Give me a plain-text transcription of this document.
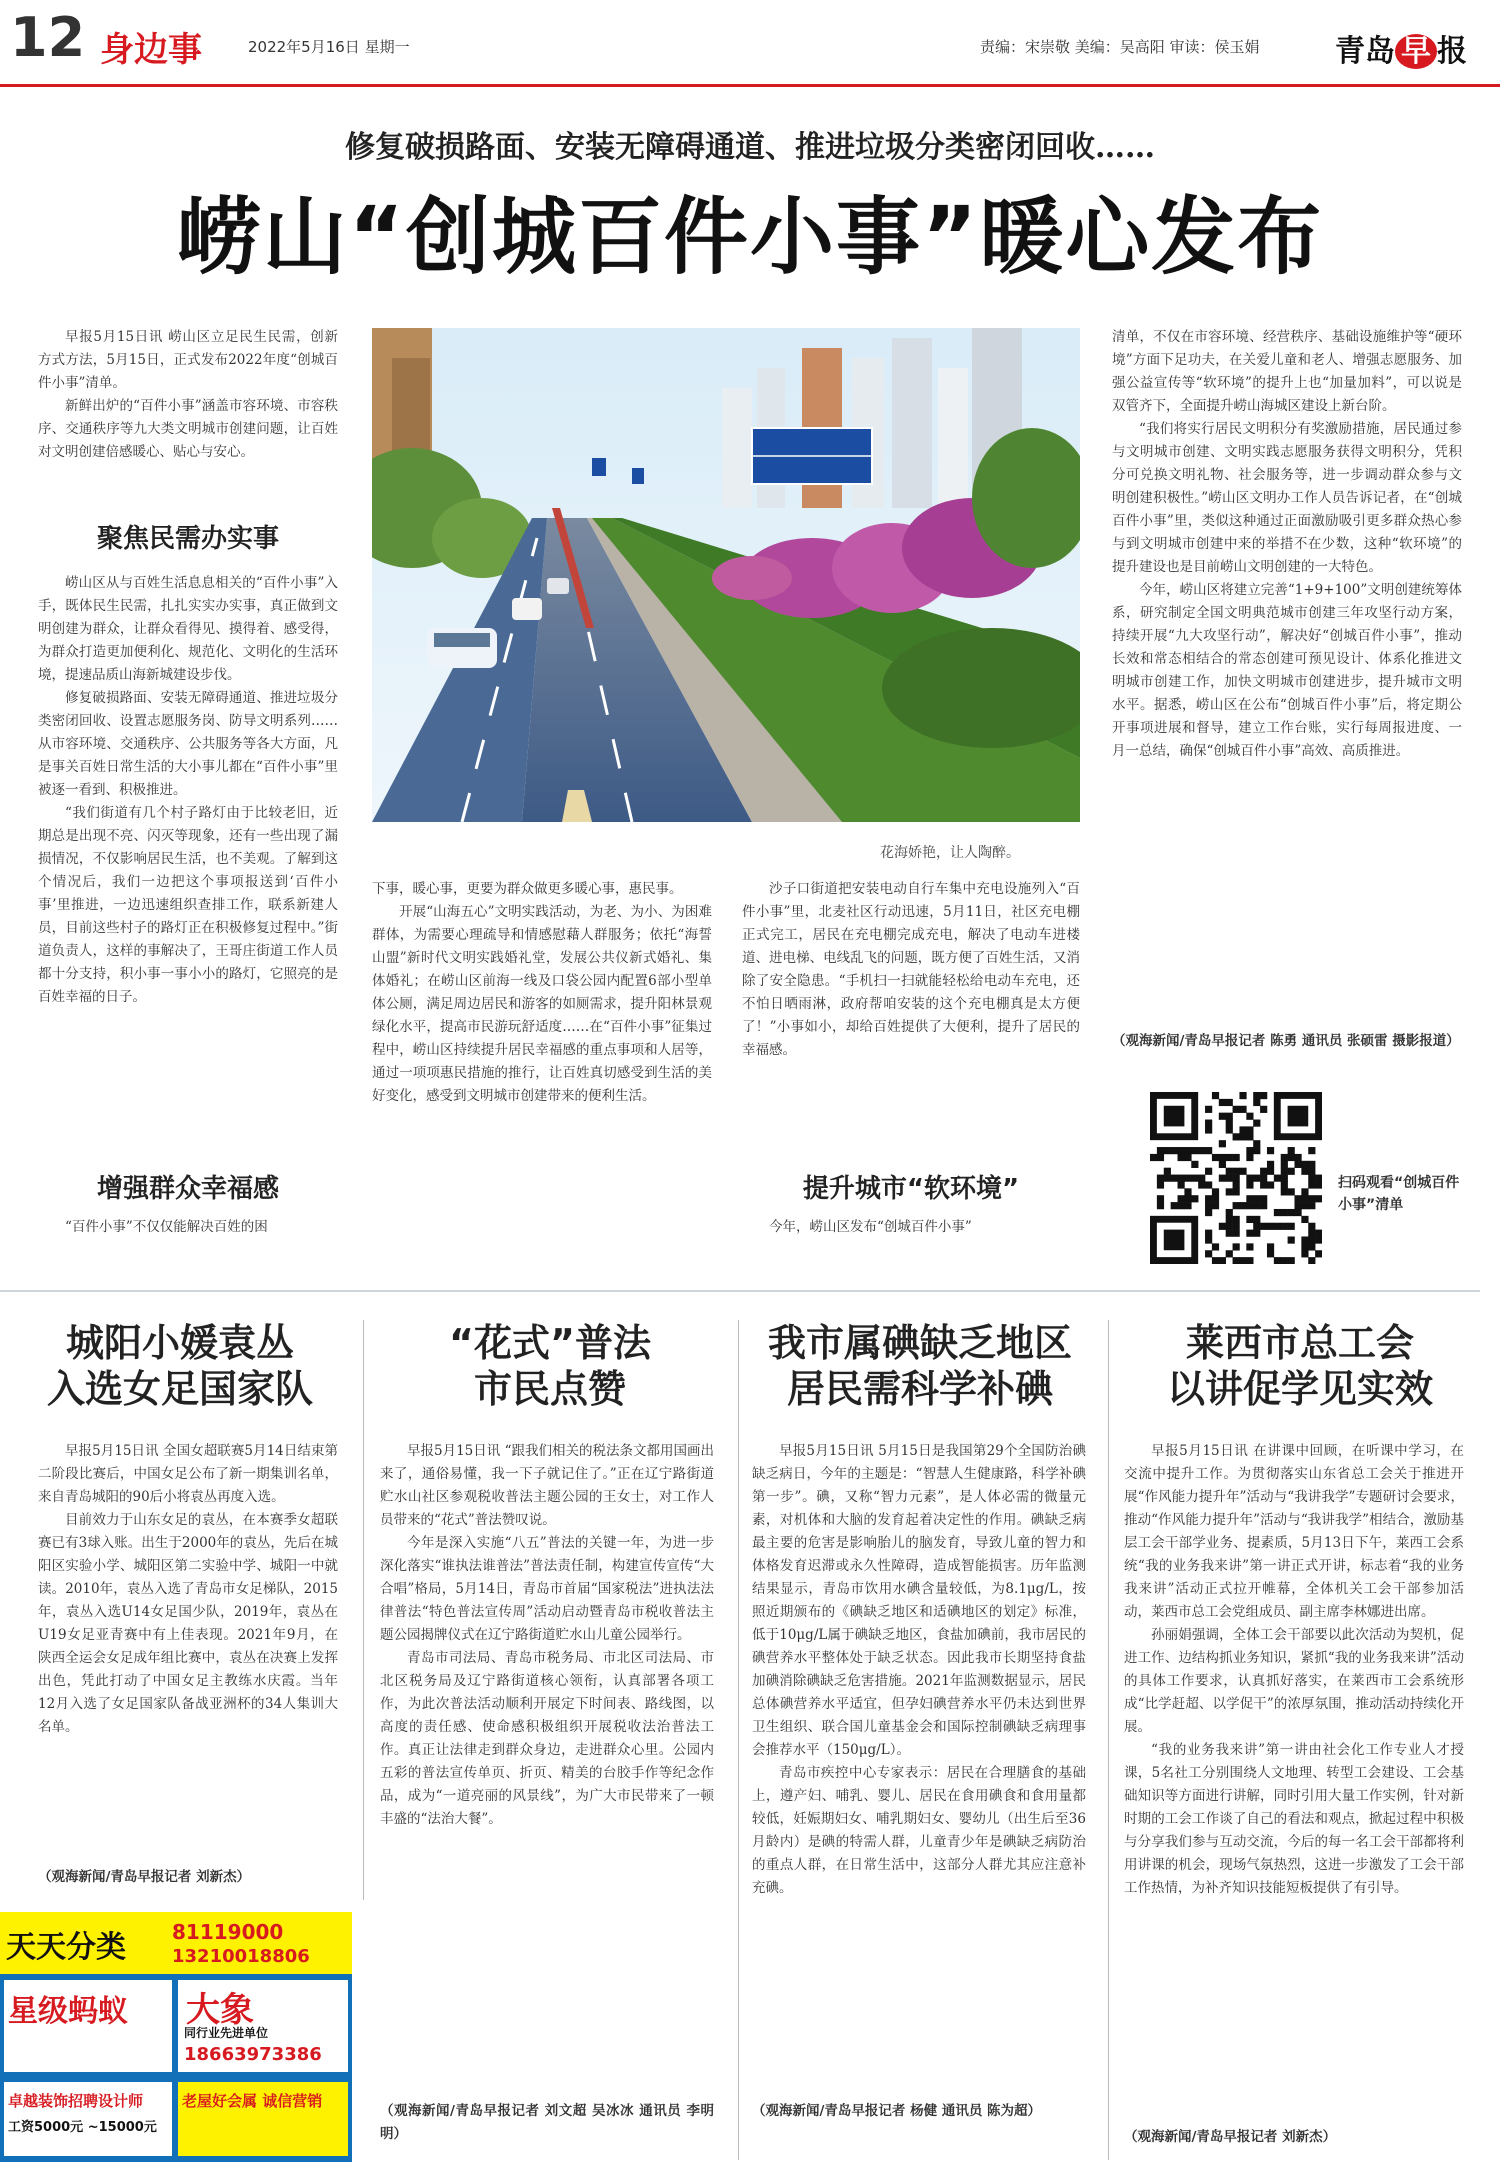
12 身边事	2022年5月16日 星期一	责编：宋崇敬 美编：吴高阳 审读：侯玉娟	青岛 早 报
修复破损路面、安装无障碍通道、推进垃圾分类密闭回收……
崂山“创城百件小事”暖心发布

早报5月15日讯 崂山区立足民生民需，创新方式方法，5月15日，正式发布2022年度“创城百件小事”清单。

新鲜出炉的“百件小事”涵盖市容环境、市容秩序、交通秩序等九大类文明城市创建问题，让百姓对文明创建倍感暖心、贴心与安心。

聚焦民需办实事

崂山区从与百姓生活息息相关的“百件小事”入手，既体民生民需，扎扎实实办实事，真正做到文明创建为群众，让群众看得见、摸得着、感受得，为群众打造更加便利化、规范化、文明化的生活环境，提速品质山海新城建设步伐。

修复破损路面、安装无障碍通道、推进垃圾分类密闭回收、设置志愿服务岗、防导文明系列……从市容环境、交通秩序、公共服务等各大方面，凡是事关百姓日常生活的大小事儿都在“百件小事”里被逐一看到、积极推进。

“我们街道有几个村子路灯由于比较老旧，近期总是出现不亮、闪灭等现象，还有一些出现了漏损情况，不仅影响居民生活，也不美观。了解到这个情况后，我们一边把这个事项报送到‘百件小事’里推进，一边迅速组织查排工作，联系新建人员，目前这些村子的路灯正在积极修复过程中。”街道负责人，这样的事解决了，王哥庄街道工作人员都十分支持，积小事一事小小的路灯，它照亮的是百姓幸福的日子。

增强群众幸福感

“百件小事”不仅仅能解决百姓的困

花海娇艳，让人陶醉。

下事，暖心事，更要为群众做更多暖心事，惠民事。

开展“山海五心”文明实践活动，为老、为小、为困难群体，为需要心理疏导和情感慰藉人群服务；依托“海誓山盟”新时代文明实践婚礼堂，发展公共仪新式婚礼、集体婚礼；在崂山区前海一线及口袋公园内配置6部小型单体公厕，满足周边居民和游客的如厕需求，提升阳林景观绿化水平，提高市民游玩舒适度……在“百件小事”征集过程中，崂山区持续提升居民幸福感的重点事项和人居等，通过一项项惠民措施的推行，让百姓真切感受到生活的美好变化，感受到文明城市创建带来的便利生活。

沙子口街道把安装电动自行车集中充电设施列入“百件小事”里，北麦社区行动迅速，5月11日，社区充电棚正式完工，居民在充电棚完成充电，解决了电动车进楼道、进电梯、电线乱飞的问题，既方便了百姓生活，又消除了安全隐患。“手机扫一扫就能轻松给电动车充电，还不怕日晒雨淋，政府帮咱安装的这个充电棚真是太方便了！”小事如小，却给百姓提供了大便利，提升了居民的幸福感。

提升城市“软环境”

今年，崂山区发布“创城百件小事”

清单，不仅在市容环境、经营秩序、基础设施维护等“硬环境”方面下足功夫，在关爱儿童和老人、增强志愿服务、加强公益宣传等“软环境”的提升上也“加量加料”，可以说是双管齐下，全面提升崂山海城区建设上新台阶。

“我们将实行居民文明积分有奖激励措施，居民通过参与文明城市创建、文明实践志愿服务获得文明积分，凭积分可兑换文明礼物、社会服务等，进一步调动群众参与文明创建积极性。”崂山区文明办工作人员告诉记者，在“创城百件小事”里，类似这种通过正面激励吸引更多群众热心参与到文明城市创建中来的举措不在少数，这种“软环境”的提升建设也是目前崂山文明创建的一大特色。

今年，崂山区将建立完善“1+9+100”文明创建统筹体系，研究制定全国文明典范城市创建三年攻坚行动方案，持续开展“九大攻坚行动”，解决好“创城百件小事”，推动长效和常态相结合的常态创建可预见设计、体系化推进文明城市创建工作，加快文明城市创建进步，提升城市文明水平。据悉，崂山区在公布“创城百件小事”后，将定期公开事项进展和督导，建立工作台账，实行每周报进度、一月一总结，确保“创城百件小事”高效、高质推进。

（观海新闻/青岛早报记者 陈勇 通讯员 张硕雷 摄影报道）
扫码观看“创城百件小事”清单
城阳小媛袁丛
入选女足国家队

早报5月15日讯 全国女超联赛5月14日结束第二阶段比赛后，中国女足公布了新一期集训名单，来自青岛城阳的90后小将袁丛再度入选。

目前效力于山东女足的袁丛，在本赛季女超联赛已有3球入账。出生于2000年的袁丛，先后在城阳区实验小学、城阳区第二实验中学、城阳一中就读。2010年，袁丛入选了青岛市女足梯队，2015年，袁丛入选U14女足国少队，2019年，袁丛在U19女足亚青赛中有上佳表现。2021年9月，在陕西全运会女足成年组比赛中，袁丛在决赛上发挥出色，凭此打动了中国女足主教练水庆霞。当年12月入选了女足国家队备战亚洲杯的34人集训大名单。

（观海新闻/青岛早报记者 刘新杰）
“花式”普法
市民点赞

早报5月15日讯 “跟我们相关的税法条文都用国画出来了，通俗易懂，我一下子就记住了。”正在辽宁路街道贮水山社区参观税收普法主题公园的王女士，对工作人员带来的“花式”普法赞叹说。

今年是深入实施“八五”普法的关键一年，为进一步深化落实“谁执法谁普法”普法责任制，构建宣传宣传“大合唱”格局，5月14日，青岛市首届“国家税法”进执法法律普法“特色普法宣传周”活动启动暨青岛市税收普法主题公园揭牌仪式在辽宁路街道贮水山儿童公园举行。

青岛市司法局、青岛市税务局、市北区司法局、市北区税务局及辽宁路街道核心领衔，认真部署各项工作，为此次普法活动顺利开展定下时间表、路线图，以高度的责任感、使命感积极组织开展税收法治普法工作。真正让法律走到群众身边，走进群众心里。公园内五彩的普法宣传单页、折页、精美的台胶手作等纪念作品，成为“一道亮丽的风景线”，为广大市民带来了一顿丰盛的“法治大餐”。

（观海新闻/青岛早报记者 刘文超 吴冰冰 通讯员 李明明）
我市属碘缺乏地区
居民需科学补碘

早报5月15日讯 5月15日是我国第29个全国防治碘缺乏病日，今年的主题是：“智慧人生健康路，科学补碘第一步”。碘，又称“智力元素”，是人体必需的微量元素，对机体和大脑的发育起着决定性的作用。碘缺乏病最主要的危害是影响胎儿的脑发育，导致儿童的智力和体格发育迟滞或永久性障碍，造成智能损害。历年监测结果显示，青岛市饮用水碘含量较低，为8.1μg/L，按照近期颁布的《碘缺乏地区和适碘地区的划定》标准，低于10μg/L属于碘缺乏地区，食盐加碘前，我市居民的碘营养水平整体处于缺乏状态。因此我市长期坚持食盐加碘消除碘缺乏危害措施。2021年监测数据显示，居民总体碘营养水平适宜，但孕妇碘营养水平仍未达到世界卫生组织、联合国儿童基金会和国际控制碘缺乏病理事会推荐水平（150μg/L）。

青岛市疾控中心专家表示：居民在合理膳食的基础上，遵产妇、哺乳、婴儿、居民在食用碘食和食用量都较低，妊娠期妇女、哺乳期妇女、婴幼儿（出生后至36月龄内）是碘的特需人群，儿童青少年是碘缺乏病防治的重点人群，在日常生活中，这部分人群尤其应注意补充碘。

（观海新闻/青岛早报记者 杨健 通讯员 陈为超）
莱西市总工会
以讲促学见实效

早报5月15日讯 在讲课中回顾，在听课中学习，在交流中提升工作。为贯彻落实山东省总工会关于推进开展“作风能力提升年”活动与“我讲我学”专题研讨会要求，推动“作风能力提升年”活动与“我讲我学”相结合，激励基层工会干部学业务、提素质，5月13日下午，莱西工会系统“我的业务我来讲”第一讲正式开讲，标志着“我的业务我来讲”活动正式拉开帷幕，全体机关工会干部参加活动，莱西市总工会党组成员、副主席李林娜进出席。

孙丽娟强调，全体工会干部要以此次活动为契机，促进工作、边结构抓业务知识，紧抓“我的业务我来讲”活动的具体工作要求，认真抓好落实，在莱西市工会系统形成“比学赶超、以学促干”的浓厚氛围，推动活动持续化开展。

“我的业务我来讲”第一讲由社会化工作专业人才授课，5名社工分别围绕人文地理、转型工会建设、工会基础知识等方面进行讲解，同时引用大量工作实例，针对新时期的工会工作谈了自己的看法和观点，掀起过程中积极与分享我们参与互动交流，今后的每一名工会干部都将利用讲课的机会，现场气氛热烈，这进一步激发了工会干部工作热情，为补齐知识技能短板提供了有引导。

（观海新闻/青岛早报记者 刘新杰）
天天分类 81119000
13210018806
星级蚂蚁 大象
同行业先进单位
18663973386
卓越装饰招聘设计师
工资5000元 ~15000元
老屋好会属 诚信营销
